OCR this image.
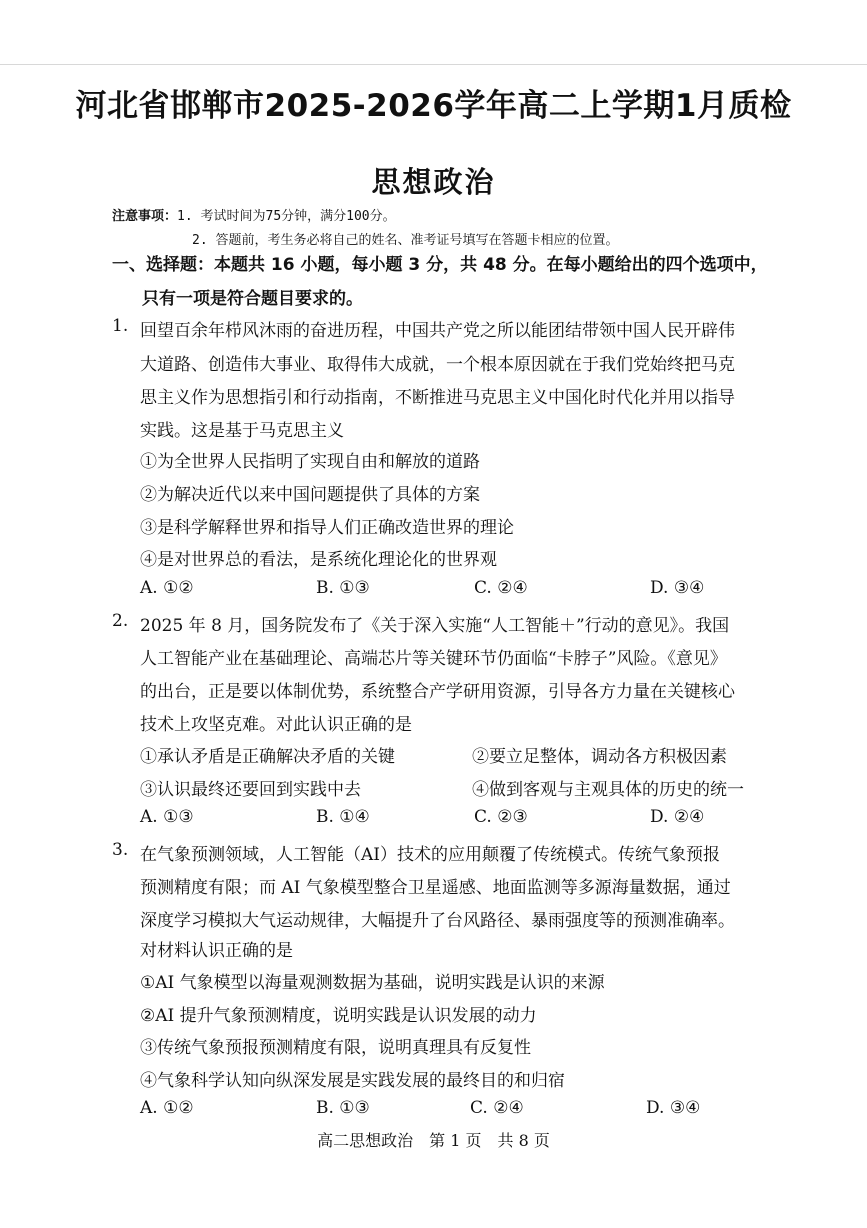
河北省邯郸市2025-2026学年高二上学期1月质检
思想政治
注意事项：1. 考试时间为75分钟，满分100分。
2. 答题前，考生务必将自己的姓名、准考证号填写在答题卡相应的位置。
一、选择题：本题共 16 小题，每小题 3 分，共 48 分。在每小题给出的四个选项中，
只有一项是符合题目要求的。
1. 回望百余年栉风沐雨的奋进历程，中国共产党之所以能团结带领中国人民开辟伟
大道路、创造伟大事业、取得伟大成就，一个根本原因就在于我们党始终把马克
思主义作为思想指引和行动指南，不断推进马克思主义中国化时代化并用以指导
实践。这是基于马克思主义
①为全世界人民指明了实现自由和解放的道路
②为解决近代以来中国问题提供了具体的方案
③是科学解释世界和指导人们正确改造世界的理论
④是对世界总的看法，是系统化理论化的世界观
A. ①②	B. ①③	C. ②④	D. ③④
2. 2025 年 8 月，国务院发布了《关于深入实施“人工智能＋”行动的意见》。我国
人工智能产业在基础理论、高端芯片等关键环节仍面临“卡脖子”风险。《意见》
的出台，正是要以体制优势，系统整合产学研用资源，引导各方力量在关键核心
技术上攻坚克难。对此认识正确的是
①承认矛盾是正确解决矛盾的关键	②要立足整体，调动各方积极因素
③认识最终还要回到实践中去	④做到客观与主观具体的历史的统一
A. ①③	B. ①④	C. ②③	D. ②④
3. 在气象预测领域，人工智能（AI）技术的应用颠覆了传统模式。传统气象预报
预测精度有限；而 AI 气象模型整合卫星遥感、地面监测等多源海量数据，通过
深度学习模拟大气运动规律，大幅提升了台风路径、暴雨强度等的预测准确率。
对材料认识正确的是
①AI 气象模型以海量观测数据为基础，说明实践是认识的来源
②AI 提升气象预测精度，说明实践是认识发展的动力
③传统气象预报预测精度有限，说明真理具有反复性
④气象科学认知向纵深发展是实践发展的最终目的和归宿
A. ①②	B. ①③	C. ②④	D. ③④
高二思想政治　第 1 页　共 8 页
